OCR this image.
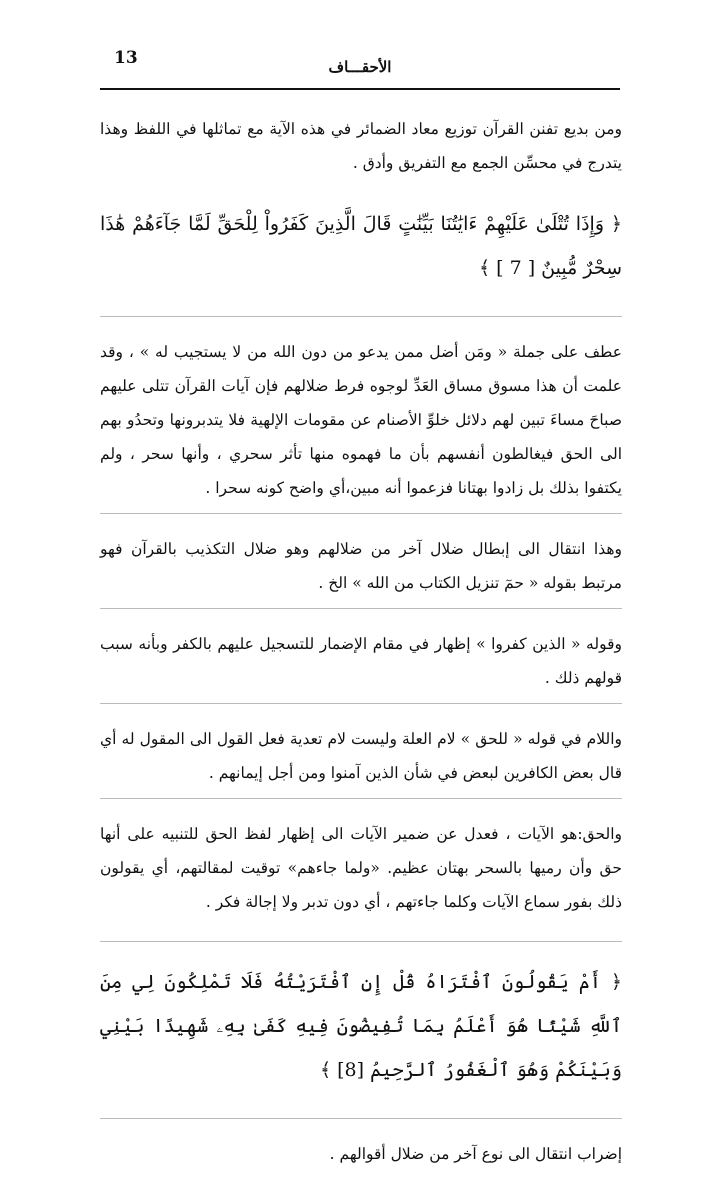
13	الأحقـــاف

ومن بديع تفنن القرآن توزيع معاد الضمائر في هذه الآية مع تماثلها في اللفظ وهذا يتدرج في محسِّن الجمع مع التفريق وأدق .

﴿ وَإِذَا تُتْلَىٰ عَلَيْهِمْ ءَايَٰتُنَا بَيِّنَٰتٍ قَالَ الَّذِينَ كَفَرُواْ لِلْحَقِّ لَمَّا جَآءَهُمْ هَٰذَا سِحْرٌ مُّبِينٌ [ 7 ] ﴾

عطف على جملة « ومَن أضل ممن يدعو من دون الله من لا يستجيب له » ، وقد علمت أن هذا مسوق مساق العَدِّ لوجوه فرط ضلالهم فإن آيات القرآن تتلى عليهم صباحَ مساءَ تبين لهم دلائل خلوِّ الأصنام عن مقومات الإلهية فلا يتدبرونها وتحدُو بهم الى الحق فيغالطون أنفسهم بأن ما فهموه منها تأثر سحري ، وأنها سحر ، ولم يكتفوا بذلك بل زادوا بهتانا فزعموا أنه مبين،أي واضح كونه سحرا .

وهذا انتقال الى إبطال ضلال آخر من ضلالهم وهو ضلال التكذيب بالقرآن فهو مرتبط بقوله « حمٓ تنزيل الكتاب من الله » الخ .

وقوله « الذين كفروا » إظهار في مقام الإضمار للتسجيل عليهم بالكفر وبأنه سبب قولهم ذلك .

واللام في قوله « للحق » لام العلة وليست لام تعدية فعل القول الى المقول له أي قال بعض الكافرين لبعض في شأن الذين آمنوا ومن أجل إيمانهم .

والحق:هو الآيات ، فعدل عن ضمير الآيات الى إظهار لفظ الحق للتنبيه على أنها حق وأن رميها بالسحر بهتان عظيم. «ولما جاءهم» توقيت لمقالتهم، أي يقولون ذلك بفور سماع الآيات وكلما جاءتهم ، أي دون تدبر ولا إجالة فكر .

﴿ أَمْ يَقُولُونَ ٱفْتَرَاهُ قُلْ إِنِ ٱفْتَرَيْتُهُ فَلَا تَمْلِكُونَ لِي مِنَ ٱللَّهِ شَيْئًا هُوَ أَعْلَمُ بِمَا تُفِيضُونَ فِيهِ كَفَىٰ بِهِۦ شَهِيدًا بَيْنِي وَبَيْنَكُمْ وَهُوَ ٱلْغَفُورُ ٱلرَّحِيمُ [8] ﴾

إضراب انتقال الى نوع آخر من ضلال أقوالهم .
